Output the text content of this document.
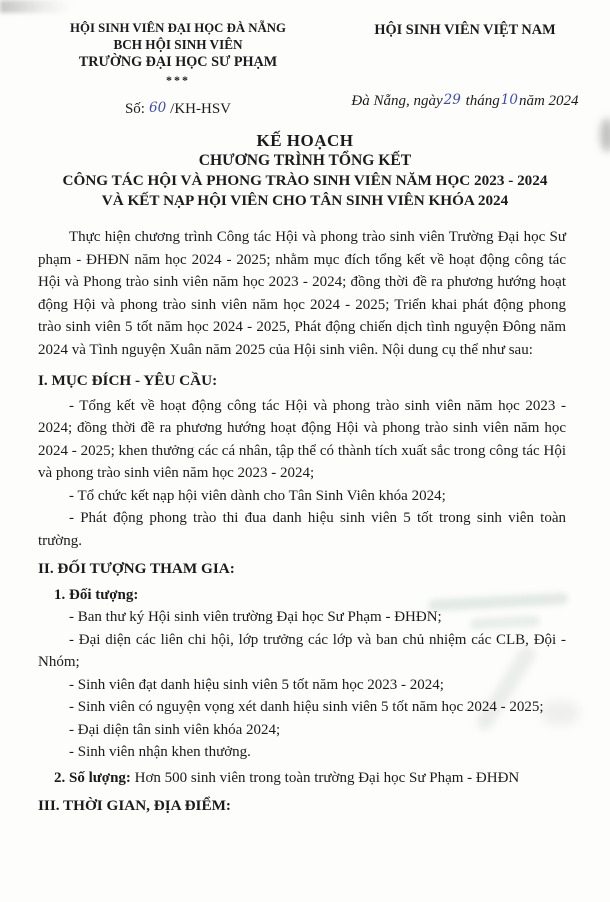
HỘI SINH VIÊN ĐẠI HỌC ĐÀ NẴNG
BCH HỘI SINH VIÊN
TRƯỜNG ĐẠI HỌC SƯ PHẠM
***
Số: 60 /KH-HSV
HỘI SINH VIÊN VIỆT NAM
Đà Nẵng, ngày29 tháng10năm 2024
KẾ HOẠCH
CHƯƠNG TRÌNH TỔNG KẾT
CÔNG TÁC HỘI VÀ PHONG TRÀO SINH VIÊN NĂM HỌC 2023 - 2024
VÀ KẾT NẠP HỘI VIÊN CHO TÂN SINH VIÊN KHÓA 2024

Thực hiện chương trình Công tác Hội và phong trào sinh viên Trường Đại học Sư phạm - ĐHĐN năm học 2024 - 2025; nhằm mục đích tổng kết về hoạt động công tác Hội và Phong trào sinh viên năm học 2023 - 2024; đồng thời đề ra phương hướng hoạt động Hội và phong trào sinh viên năm học 2024 - 2025; Triển khai phát động phong trào sinh viên 5 tốt năm học 2024 - 2025, Phát động chiến dịch tình nguyện Đông năm 2024 và Tình nguyện Xuân năm 2025 của Hội sinh viên. Nội dung cụ thể như sau:

I. MỤC ĐÍCH - YÊU CẦU:

- Tổng kết về hoạt động công tác Hội và phong trào sinh viên năm học 2023 - 2024; đồng thời đề ra phương hướng hoạt động Hội và phong trào sinh viên năm học 2024 - 2025; khen thưởng các cá nhân, tập thể có thành tích xuất sắc trong công tác Hội và phong trào sinh viên năm học 2023 - 2024;

- Tổ chức kết nạp hội viên dành cho Tân Sinh Viên khóa 2024;

- Phát động phong trào thi đua danh hiệu sinh viên 5 tốt trong sinh viên toàn trường.

II. ĐỐI TƯỢNG THAM GIA:

1. Đối tượng:

- Ban thư ký Hội sinh viên trường Đại học Sư Phạm - ĐHĐN;

- Đại diện các liên chi hội, lớp trưởng các lớp và ban chủ nhiệm các CLB, Đội - Nhóm;

- Sinh viên đạt danh hiệu sinh viên 5 tốt năm học 2023 - 2024;

- Sinh viên có nguyện vọng xét danh hiệu sinh viên 5 tốt năm học 2024 - 2025;

- Đại diện tân sinh viên khóa 2024;

- Sinh viên nhận khen thưởng.

2. Số lượng: Hơn 500 sinh viên trong toàn trường Đại học Sư Phạm - ĐHĐN

III. THỜI GIAN, ĐỊA ĐIỂM:
